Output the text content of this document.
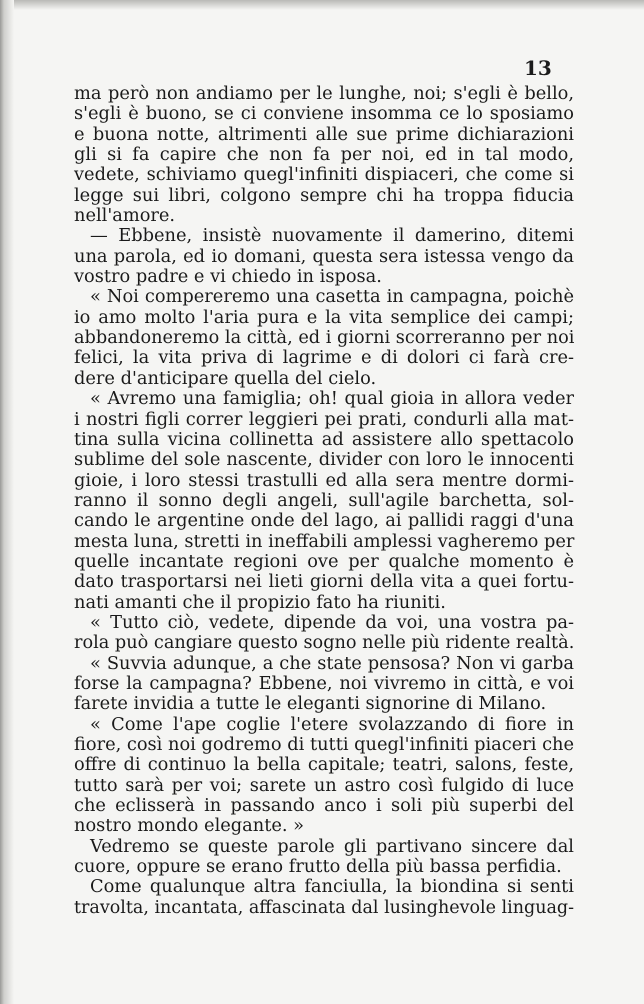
13
ma però non andiamo per le lunghe, noi; s'egli è bello,
s'egli è buono, se ci conviene insomma ce lo sposiamo
e buona notte, altrimenti alle sue prime dichiarazioni
gli si fa capire che non fa per noi, ed in tal modo,
vedete, schiviamo quegl'infiniti dispiaceri, che come si
legge sui libri, colgono sempre chi ha troppa fiducia
nell'amore.
— Ebbene, insistè nuovamente il damerino, ditemi
una parola, ed io domani, questa sera istessa vengo da
vostro padre e vi chiedo in isposa.
« Noi compereremo una casetta in campagna, poichè
io amo molto l'aria pura e la vita semplice dei campi;
abbandoneremo la città, ed i giorni scorreranno per noi
felici, la vita priva di lagrime e di dolori ci farà cre-
dere d'anticipare quella del cielo.
« Avremo una famiglia; oh! qual gioia in allora veder
i nostri figli correr leggieri pei prati, condurli alla mat-
tina sulla vicina collinetta ad assistere allo spettacolo
sublime del sole nascente, divider con loro le innocenti
gioie, i loro stessi trastulli ed alla sera mentre dormi-
ranno il sonno degli angeli, sull'agile barchetta, sol-
cando le argentine onde del lago, ai pallidi raggi d'una
mesta luna, stretti in ineffabili amplessi vagheremo per
quelle incantate regioni ove per qualche momento è
dato trasportarsi nei lieti giorni della vita a quei fortu-
nati amanti che il propizio fato ha riuniti.
« Tutto ciò, vedete, dipende da voi, una vostra pa-
rola può cangiare questo sogno nelle più ridente realtà.
« Suvvia adunque, a che state pensosa? Non vi garba
forse la campagna? Ebbene, noi vivremo in città, e voi
farete invidia a tutte le eleganti signorine di Milano.
« Come l'ape coglie l'etere svolazzando di fiore in
fiore, così noi godremo di tutti quegl'infiniti piaceri che
offre di continuo la bella capitale; teatri, salons, feste,
tutto sarà per voi; sarete un astro così fulgido di luce
che eclisserà in passando anco i soli più superbi del
nostro mondo elegante. »
Vedremo se queste parole gli partivano sincere dal
cuore, oppure se erano frutto della più bassa perfidia.
Come qualunque altra fanciulla, la biondina si senti
travolta, incantata, affascinata dal lusinghevole linguag-
